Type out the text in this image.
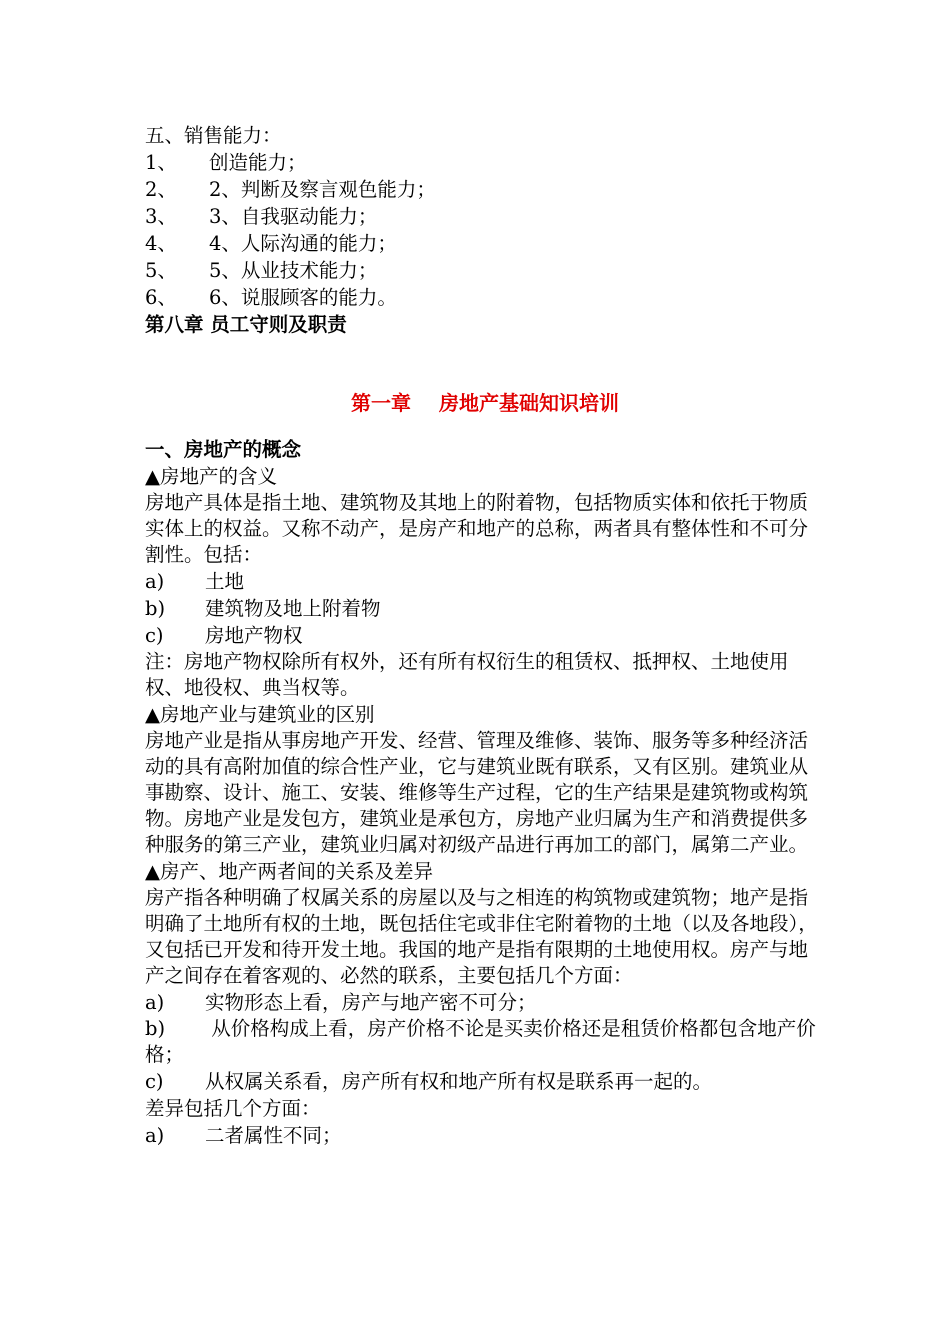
五、销售能力：
1、 创造能力；
2、 2、判断及察言观色能力；
3、 3、自我驱动能力；
4、 4、人际沟通的能力；
5、 5、从业技术能力；
6、 6、说服顾客的能力。
第八章 员工守则及职责
第一章 房地产基础知识培训
一、房地产的概念
▲房地产的含义
房地产具体是指土地、建筑物及其地上的附着物，包括物质实体和依托于物质实体上的权益。又称不动产，是房产和地产的总称，两者具有整体性和不可分割性。包括：
a) 土地
b) 建筑物及地上附着物
c) 房地产物权
注：房地产物权除所有权外，还有所有权衍生的租赁权、抵押权、土地使用权、地役权、典当权等。
▲房地产业与建筑业的区别
房地产业是指从事房地产开发、经营、管理及维修、装饰、服务等多种经济活动的具有高附加值的综合性产业，它与建筑业既有联系，又有区别。建筑业从事勘察、设计、施工、安装、维修等生产过程，它的生产结果是建筑物或构筑物。房地产业是发包方，建筑业是承包方，房地产业归属为生产和消费提供多种服务的第三产业，建筑业归属对初级产品进行再加工的部门，属第二产业。
▲房产、地产两者间的关系及差异
房产指各种明确了权属关系的房屋以及与之相连的构筑物或建筑物；地产是指明确了土地所有权的土地，既包括住宅或非住宅附着物的土地（以及各地段），又包括已开发和待开发土地。我国的地产是指有限期的土地使用权。房产与地产之间存在着客观的、必然的联系，主要包括几个方面：
a) 实物形态上看，房产与地产密不可分；
b) 从价格构成上看，房产价格不论是买卖价格还是租赁价格都包含地产价格；
c) 从权属关系看，房产所有权和地产所有权是联系再一起的。
差异包括几个方面：
a) 二者属性不同；
